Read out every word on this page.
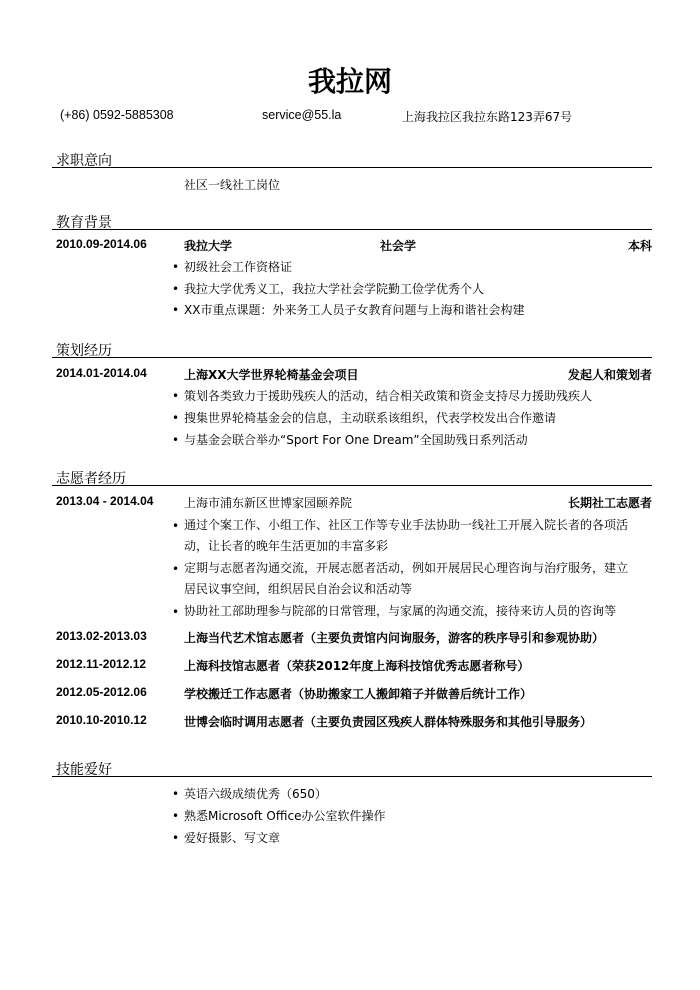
我拉网
(+86) 0592-5885308	service@55.la	上海我拉区我拉东路123弄67号
求职意向
社区一线社工岗位
教育背景
2010.09-2014.06	我拉大学	社会学	本科
• 初级社会工作资格证
• 我拉大学优秀义工，我拉大学社会学院勤工俭学优秀个人
• XX市重点课题：外来务工人员子女教育问题与上海和谐社会构建
策划经历
2014.01-2014.04	上海XX大学世界轮椅基金会项目	发起人和策划者
• 策划各类致力于援助残疾人的活动，结合相关政策和资金支持尽力援助残疾人
• 搜集世界轮椅基金会的信息，主动联系该组织，代表学校发出合作邀请
• 与基金会联合举办“Sport For One Dream”全国助残日系列活动
志愿者经历
2013.04 - 2014.04	上海市浦东新区世博家园颐养院	长期社工志愿者
• 通过个案工作、小组工作、社区工作等专业手法协助一线社工开展入院长者的各项活
动，让长者的晚年生活更加的丰富多彩
• 定期与志愿者沟通交流，开展志愿者活动，例如开展居民心理咨询与治疗服务，建立
居民议事空间，组织居民自治会议和活动等
• 协助社工部助理参与院部的日常管理，与家属的沟通交流，接待来访人员的咨询等
2013.02-2013.03	上海当代艺术馆志愿者（主要负责馆内问询服务，游客的秩序导引和参观协助）
2012.11-2012.12	上海科技馆志愿者（荣获2012年度上海科技馆优秀志愿者称号）
2012.05-2012.06	学校搬迁工作志愿者（协助搬家工人搬卸箱子并做善后统计工作）
2010.10-2010.12	世博会临时调用志愿者（主要负责园区残疾人群体特殊服务和其他引导服务）
技能爱好
• 英语六级成绩优秀（650）
• 熟悉Microsoft Office办公室软件操作
• 爱好摄影、写文章
